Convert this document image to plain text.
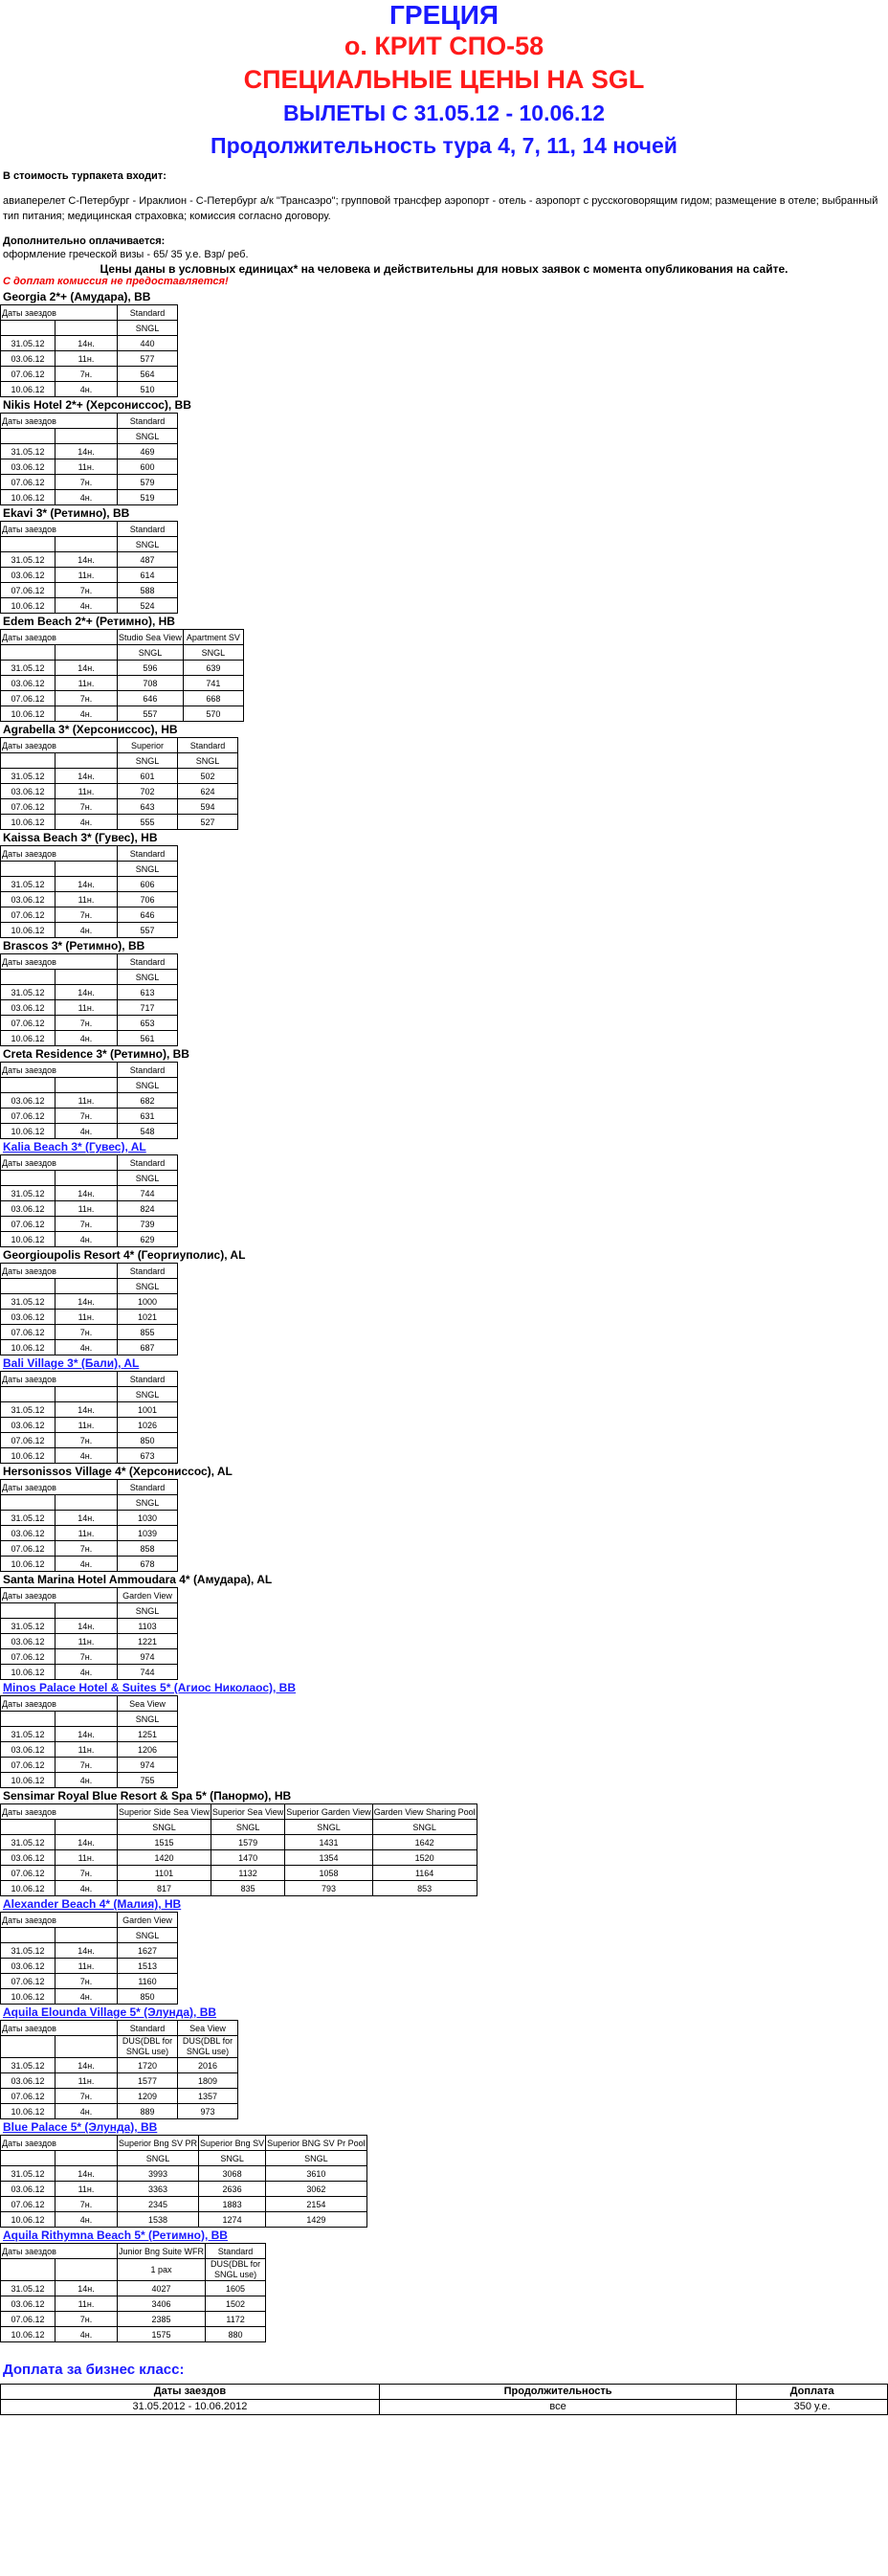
ГРЕЦИЯ
о. КРИТ СПО-58
СПЕЦИАЛЬНЫЕ ЦЕНЫ НА SGL
ВЫЛЕТЫ С 31.05.12 - 10.06.12
Продолжительность тура 4, 7, 11, 14 ночей
В стоимость турпакета входит:
авиаперелет С-Петербург - Ираклион - С-Петербург а/к "Трансаэро"; групповой трансфер аэропорт - отель - аэропорт с русскоговорящим гидом; размещение в отеле; выбранный тип питания; медицинская страховка; комиссия согласно договору.
Дополнительно оплачивается:
оформление греческой визы - 65/ 35 у.е. Взр/ реб.
Цены даны в условных единицах* на человека и действительны для новых заявок с момента опубликования на сайте.
С доплат комиссия не предоставляется!
Georgia 2*+ (Амудара), BB
Даты заездов		Standard
		SNGL
31.05.12	14н.	440
03.06.12	11н.	577
07.06.12	7н.	564
10.06.12	4н.	510
Nikis Hotel 2*+ (Херсониссос), BB
Даты заездов		Standard
		SNGL
31.05.12	14н.	469
03.06.12	11н.	600
07.06.12	7н.	579
10.06.12	4н.	519
Ekavi 3* (Ретимно), BB
Даты заездов		Standard
		SNGL
31.05.12	14н.	487
03.06.12	11н.	614
07.06.12	7н.	588
10.06.12	4н.	524
Edem Beach 2*+ (Ретимно), HB
Даты заездов		Studio Sea View	Apartment SV
		SNGL	SNGL
31.05.12	14н.	596	639
03.06.12	11н.	708	741
07.06.12	7н.	646	668
10.06.12	4н.	557	570
Agrabella 3* (Херсониссос), HB
Даты заездов		Superior	Standard
		SNGL	SNGL
31.05.12	14н.	601	502
03.06.12	11н.	702	624
07.06.12	7н.	643	594
10.06.12	4н.	555	527
Kaissa Beach 3* (Гувес), HB
Даты заездов		Standard
		SNGL
31.05.12	14н.	606
03.06.12	11н.	706
07.06.12	7н.	646
10.06.12	4н.	557
Brascos 3* (Ретимно), BB
Даты заездов		Standard
		SNGL
31.05.12	14н.	613
03.06.12	11н.	717
07.06.12	7н.	653
10.06.12	4н.	561
Creta Residence 3* (Ретимно), BB
Даты заездов		Standard
		SNGL
03.06.12	11н.	682
07.06.12	7н.	631
10.06.12	4н.	548
Kalia Beach 3* (Гувес), AL
Даты заездов		Standard
		SNGL
31.05.12	14н.	744
03.06.12	11н.	824
07.06.12	7н.	739
10.06.12	4н.	629
Georgioupolis Resort 4* (Георгиуполис), AL
Даты заездов		Standard
		SNGL
31.05.12	14н.	1000
03.06.12	11н.	1021
07.06.12	7н.	855
10.06.12	4н.	687
Bali Village 3* (Бали), AL
Даты заездов		Standard
		SNGL
31.05.12	14н.	1001
03.06.12	11н.	1026
07.06.12	7н.	850
10.06.12	4н.	673
Hersonissos Village 4* (Херсониссос), AL
Даты заездов		Standard
		SNGL
31.05.12	14н.	1030
03.06.12	11н.	1039
07.06.12	7н.	858
10.06.12	4н.	678
Santa Marina Hotel Ammoudara 4* (Амудара), AL
Даты заездов		Garden View
		SNGL
31.05.12	14н.	1103
03.06.12	11н.	1221
07.06.12	7н.	974
10.06.12	4н.	744
Minos Palace Hotel & Suites 5* (Агиос Николаос), BB
Даты заездов		Sea View
		SNGL
31.05.12	14н.	1251
03.06.12	11н.	1206
07.06.12	7н.	974
10.06.12	4н.	755
Sensimar Royal Blue Resort & Spa 5* (Панормо), HB
Даты заездов		Superior Side Sea View	Superior Sea View	Superior Garden View	Garden View Sharing Pool
		SNGL	SNGL	SNGL	SNGL
31.05.12	14н.	1515	1579	1431	1642
03.06.12	11н.	1420	1470	1354	1520
07.06.12	7н.	1101	1132	1058	1164
10.06.12	4н.	817	835	793	853
Alexander Beach 4* (Малия), HB
Даты заездов		Garden View
		SNGL
31.05.12	14н.	1627
03.06.12	11н.	1513
07.06.12	7н.	1160
10.06.12	4н.	850
Aquila Elounda Village 5* (Элунда), BB
Даты заездов		Standard	Sea View
		DUS(DBL for SNGL use)	DUS(DBL for SNGL use)
31.05.12	14н.	1720	2016
03.06.12	11н.	1577	1809
07.06.12	7н.	1209	1357
10.06.12	4н.	889	973
Blue Palace 5* (Элунда), BB
Даты заездов		Superior Bng SV PR	Superior Bng SV	Superior BNG SV Pr Pool
		SNGL	SNGL	SNGL
31.05.12	14н.	3993	3068	3610
03.06.12	11н.	3363	2636	3062
07.06.12	7н.	2345	1883	2154
10.06.12	4н.	1538	1274	1429
Aquila Rithymna Beach 5* (Ретимно), BB
Даты заездов		Junior Bng Suite WFR	Standard
		1 pax	DUS(DBL for SNGL use)
31.05.12	14н.	4027	1605
03.06.12	11н.	3406	1502
07.06.12	7н.	2385	1172
10.06.12	4н.	1575	880
Доплата за бизнес класс:
Даты заездов	Продолжительность	Доплата
31.05.2012 - 10.06.2012	все	350 у.е.
